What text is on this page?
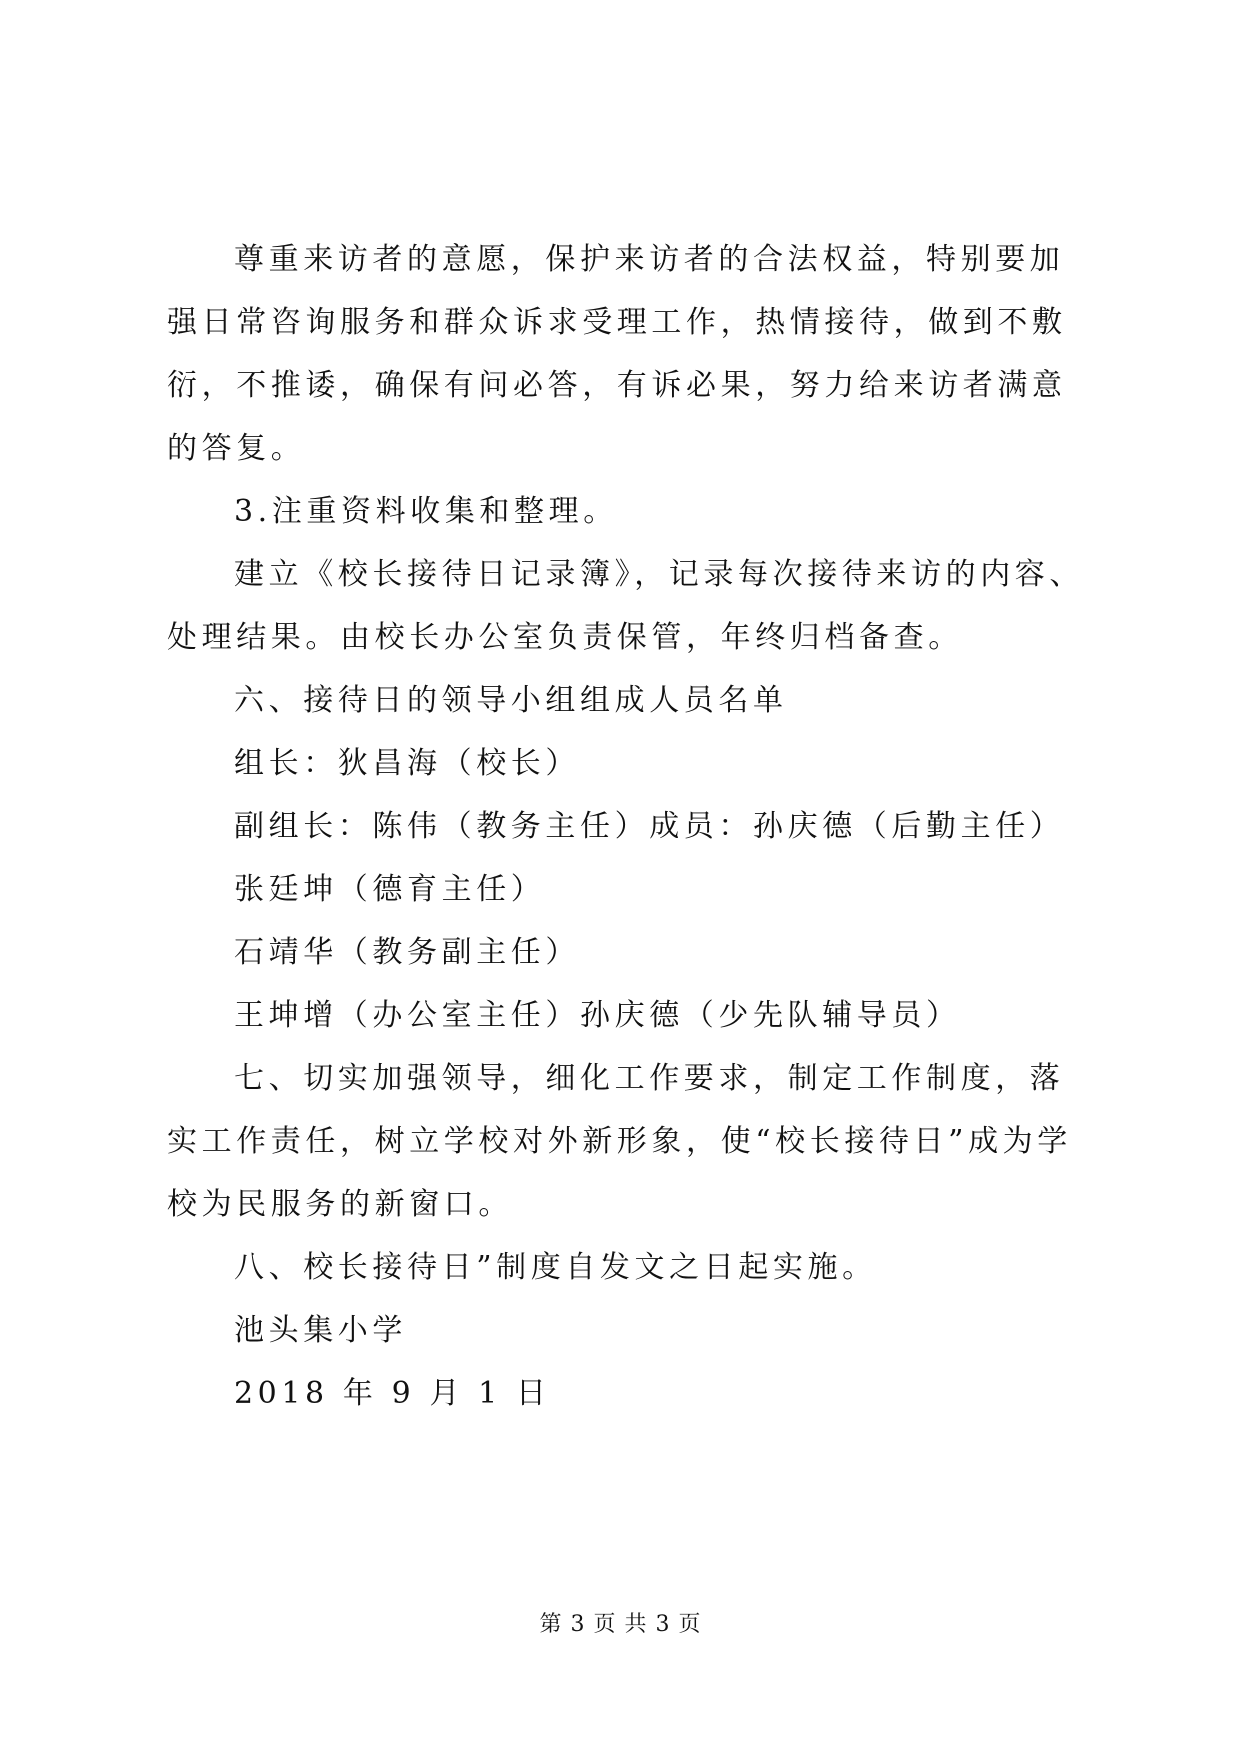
尊重来访者的意愿，保护来访者的合法权益，特别要加强日常咨询服务和群众诉求受理工作，热情接待，做到不敷衍，不推诿，确保有问必答，有诉必果，努力给来访者满意的答复。

3.注重资料收集和整理。

建立《校长接待日记录簿》，记录每次接待来访的内容、处理结果。由校长办公室负责保管，年终归档备查。

六、接待日的领导小组组成人员名单

组长：狄昌海（校长）

副组长：陈伟（教务主任）成员：孙庆德（后勤主任）

张廷坤（德育主任）

石靖华（教务副主任）

王坤增（办公室主任）孙庆德（少先队辅导员）

七、切实加强领导，细化工作要求，制定工作制度，落实工作责任，树立学校对外新形象，使“校长接待日”成为学校为民服务的新窗口。

八、校长接待日”制度自发文之日起实施。

池头集小学

2018 年 9 月 1 日

第 3 页 共 3 页
